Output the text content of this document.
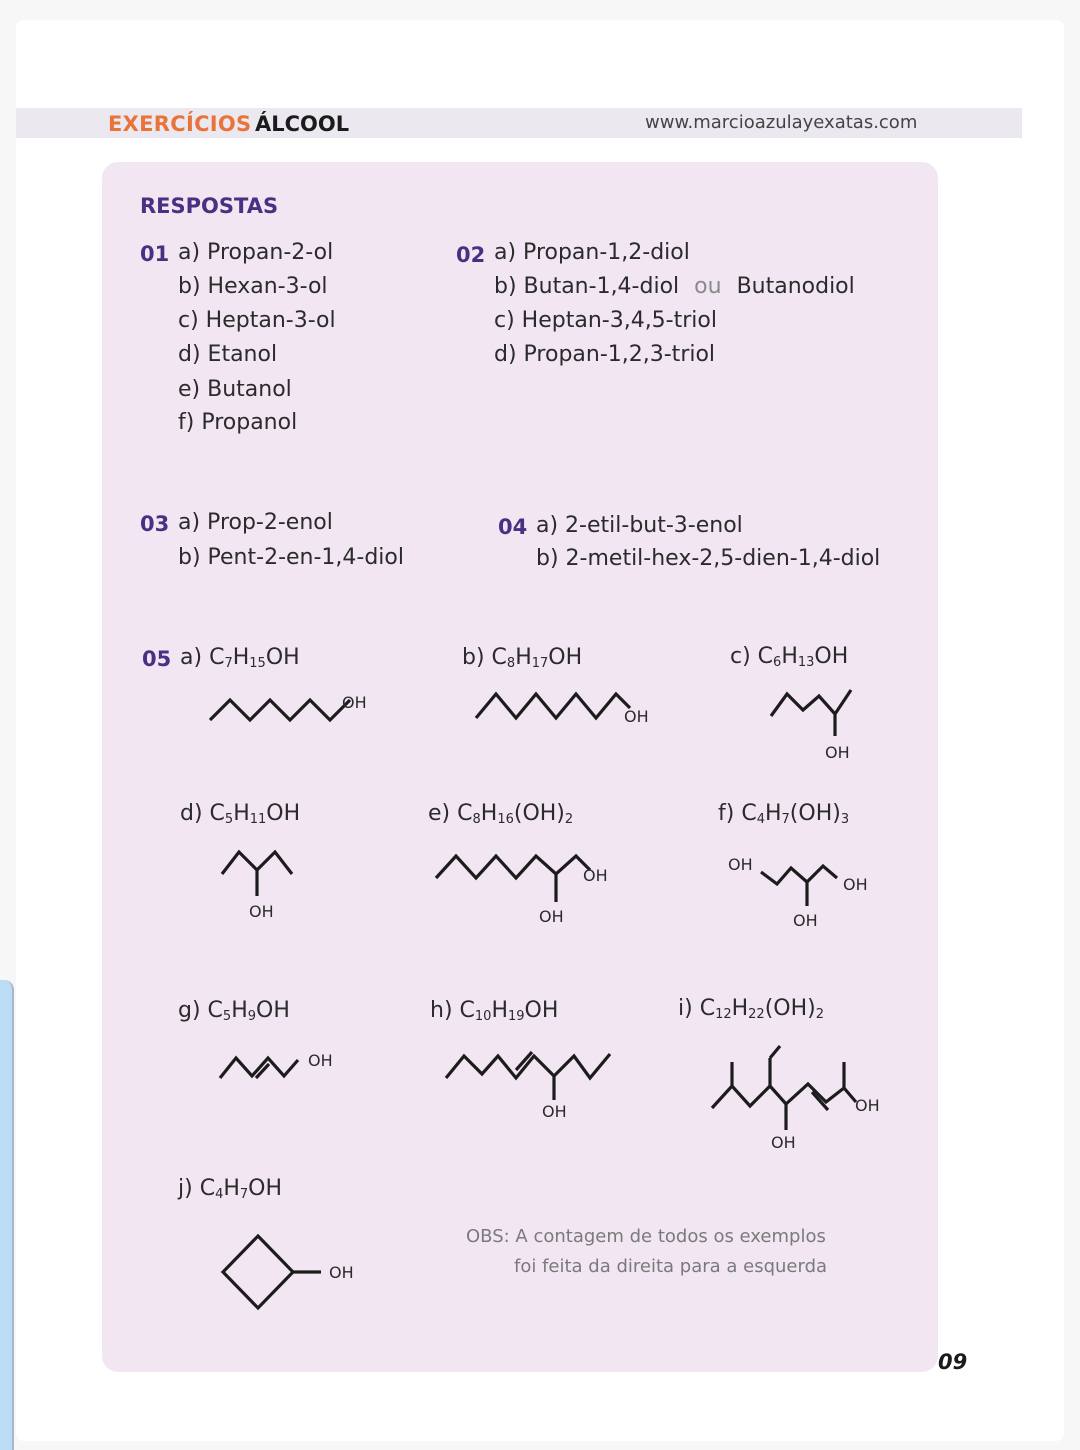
EXERCÍCIOS ÁLCOOL	www.marcioazulayexatas.com
RESPOSTAS
01 a) Propan-2-ol
b) Hexan-3-ol
c) Heptan-3-ol
d) Etanol
e) Butanol
f) Propanol
02 a) Propan-1,2-diol
b) Butan-1,4-diol ou Butanodiol
c) Heptan-3,4,5-triol
d) Propan-1,2,3-triol
03 a) Prop-2-enol
b) Pent-2-en-1,4-diol
04 a) 2-etil-but-3-enol
b) 2-metil-hex-2,5-dien-1,4-diol
05 a) $C_7H_{15}OH$
OH
b) $C_8H_{17}OH$
OH
c) $C_6H_{13}OH$
OH
d) $C_5H_{11}OH$
OH
e) $C_8H_{16}(OH)_2$
OH
OH
f) $C_4H_7(OH)_3$
OH
OH
OH
g) $C_5H_9OH$
OH
h) $C_{10}H_{19}OH$
OH
i) $C_{12}H_{22}(OH)_2$
OH
OH
j) $C_4H_7OH$
OH
OBS: A contagem de todos os exemplos
foi feita da direita para a esquerda
09
